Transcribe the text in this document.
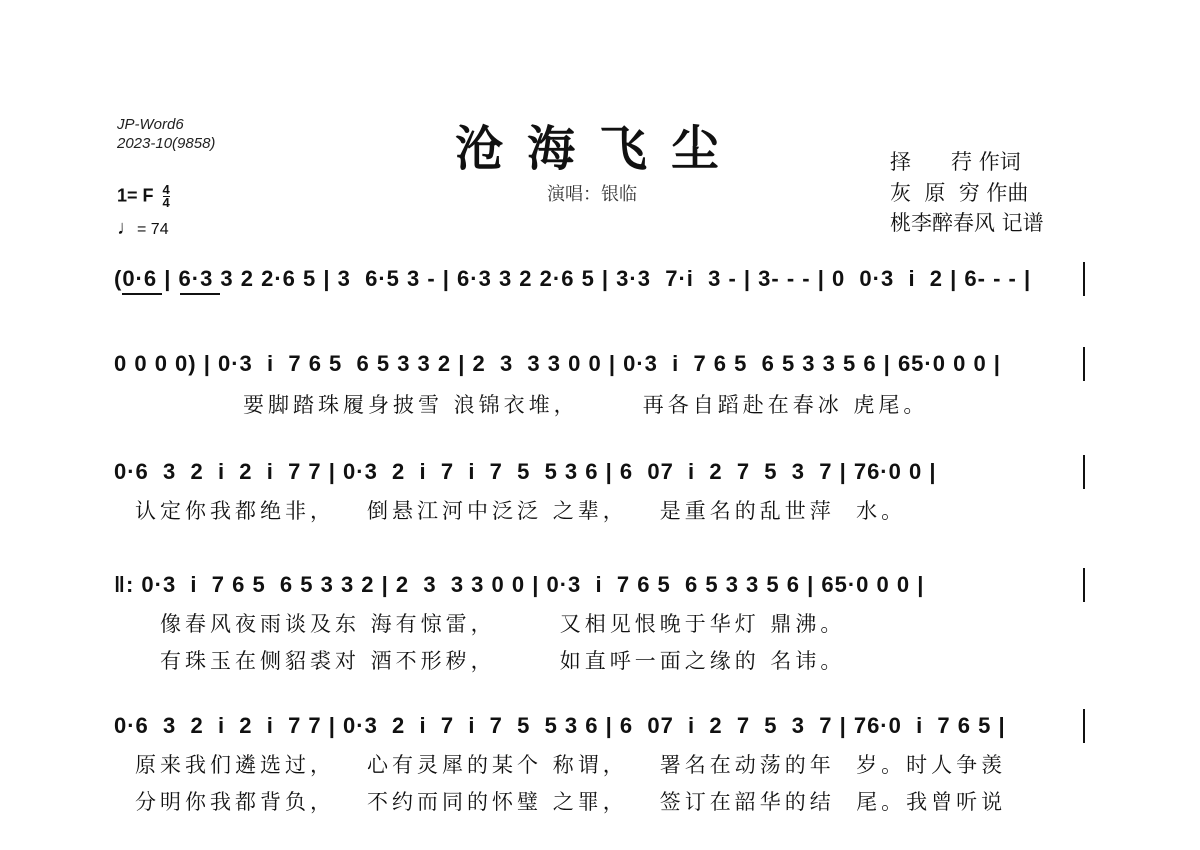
JP-Word6
2023-10(9858)	沧海飞尘
演唱：银临
择      荇 作词
灰  原  穷 作曲
桃李醉春风 记谱
1= F $\frac{4}{4}$
♩= 74
(0·6 | 6·3 3 2 2·6 5 | 3  6·5 3 - | 6·3 3 2 2·6 5 | 3·3  7·i  3 - | 3- - - | 0  0·3  i  2 | 6- - - |
0 0 0 0) | 0·3  i  7 6 5  6 5 3 3 2 | 2  3  3 3 0 0 | 0·3  i  7 6 5  6 5 3 3 5 6 | 65·0 0 0 |
要脚踏珠履身披雪 浪锦衣堆，      再各自蹈赴在春冰 虎尾。
0·6  3  2  i  2  i  7 7 | 0·3  2  i  7  i  7  5  5 3 6 | 6  07  i  2  7  5  3  7 | 76·0 0 |
认定你我都绝非，   倒悬江河中泛泛 之辈，   是重名的乱世萍  水。
‖: 0·3  i  7 6 5  6 5 3 3 2 | 2  3  3 3 0 0 | 0·3  i  7 6 5  6 5 3 3 5 6 | 65·0 0 0 |
像春风夜雨谈及东 海有惊雷，      又相见恨晚于华灯 鼎沸。
有珠玉在侧貂裘对 酒不形秽，      如直呼一面之缘的 名讳。
0·6  3  2  i  2  i  7 7 | 0·3  2  i  7  i  7  5  5 3 6 | 6  07  i  2  7  5  3  7 | 76·0  i  7 6 5 |
原来我们遴选过，   心有灵犀的某个 称谓，   署名在动荡的年  岁。时人争羡
分明你我都背负，   不约而同的怀璧 之罪，   签订在韶华的结  尾。我曾听说
